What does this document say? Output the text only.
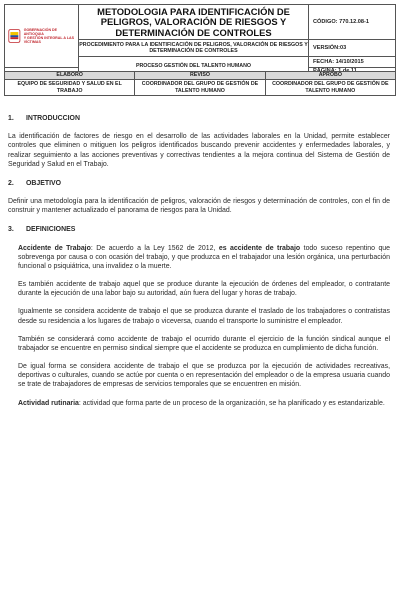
GOBERNACIÓN DE ANTIOQUIA
Y GESTIÓN INTEGRAL A LAS VÍCTIMAS	METODOLOGIA PARA IDENTIFICACIÓN DE PELIGROS, VALORACIÓN DE RIESGOS Y DETERMINACIÓN DE CONTROLES	CÓDIGO: 770.12.08-1
	PROCEDIMIENTO PARA LA IDENTIFICACIÓN DE PELIGROS, VALORACIÓN DE RIESGOS Y DETERMINACIÓN DE CONTROLES	VERSIÓN:03
	PROCESO GESTIÓN DEL TALENTO HUMANO	FECHA: 14/10/2015

ELABORO	REVISO	APROBO
EQUIPO DE SEGURIDAD Y SALUD EN EL TRABAJO	COORDINADOR DEL GRUPO DE GESTIÓN DE TALENTO HUMANO	COORDINADOR DEL GRUPO DE GESTIÓN DE TALENTO HUMANO
1. INTRODUCCION

La identificación de factores de riesgo en el desarrollo de las actividades laborales en la Unidad, permite establecer controles que eliminen o mitiguen los peligros identificados buscando prevenir accidentes y enfermedades laborales, y realizar seguimiento a las acciones preventivas y correctivas tendientes a la mejora continua del Sistema de Gestión de Seguridad y Salud en el Trabajo.

2. OBJETIVO

Definir una metodología para la identificación de peligros, valoración de riesgos y determinación de controles, con el fin de construir y mantener actualizado el panorama de riesgos para la Unidad.

3. DEFINICIONES

Accidente de Trabajo: De acuerdo a la Ley 1562 de 2012, es accidente de trabajo todo suceso repentino que sobrevenga por causa o con ocasión del trabajo, y que produzca en el trabajador una lesión orgánica, una perturbación funcional o psiquiátrica, una invalidez o la muerte.

Es también accidente de trabajo aquel que se produce durante la ejecución de órdenes del empleador, o contratante durante la ejecución de una labor bajo su autoridad, aún fuera del lugar y horas de trabajo.

Igualmente se considera accidente de trabajo el que se produzca durante el traslado de los trabajadores o contratistas desde su residencia a los lugares de trabajo o viceversa, cuando el transporte lo suministre el empleador.

También se considerará como accidente de trabajo el ocurrido durante el ejercicio de la función sindical aunque el trabajador se encuentre en permiso sindical siempre que el accidente se produzca en cumplimiento de dicha función.

De igual forma se considera accidente de trabajo el que se produzca por la ejecución de actividades recreativas, deportivas o culturales, cuando se actúe por cuenta o en representación del empleador o de la empresa usuaria cuando se trate de trabajadores de empresas de servicios temporales que se encuentren en misión.

Actividad rutinaria: actividad que forma parte de un proceso de la organización, se ha planificado y es estandarizable.
